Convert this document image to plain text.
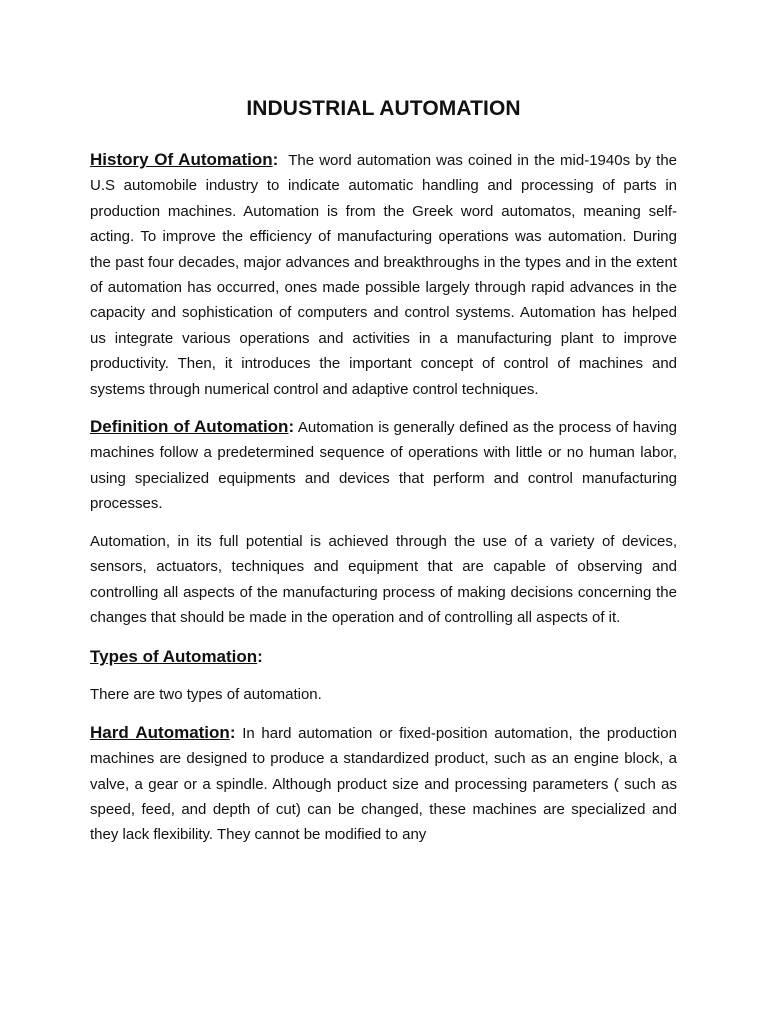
INDUSTRIAL AUTOMATION

History Of Automation: The word automation was coined in the mid-1940s by the U.S automobile industry to indicate automatic handling and processing of parts in production machines. Automation is from the Greek word automatos, meaning self-acting. To improve the efficiency of manufacturing operations was automation. During the past four decades, major advances and breakthroughs in the types and in the extent of automation has occurred, ones made possible largely through rapid advances in the capacity and sophistication of computers and control systems. Automation has helped us integrate various operations and activities in a manufacturing plant to improve productivity. Then, it introduces the important concept of control of machines and systems through numerical control and adaptive control techniques.

Definition of Automation: Automation is generally defined as the process of having machines follow a predetermined sequence of operations with little or no human labor, using specialized equipments and devices that perform and control manufacturing processes.

Automation, in its full potential is achieved through the use of a variety of devices, sensors, actuators, techniques and equipment that are capable of observing and controlling all aspects of the manufacturing process of making decisions concerning the changes that should be made in the operation and of controlling all aspects of it.

Types of Automation:

There are two types of automation.

Hard Automation: In hard automation or fixed-position automation, the production machines are designed to produce a standardized product, such as an engine block, a valve, a gear or a spindle. Although product size and processing parameters ( such as speed, feed, and depth of cut) can be changed, these machines are specialized and they lack flexibility. They cannot be modified to any
